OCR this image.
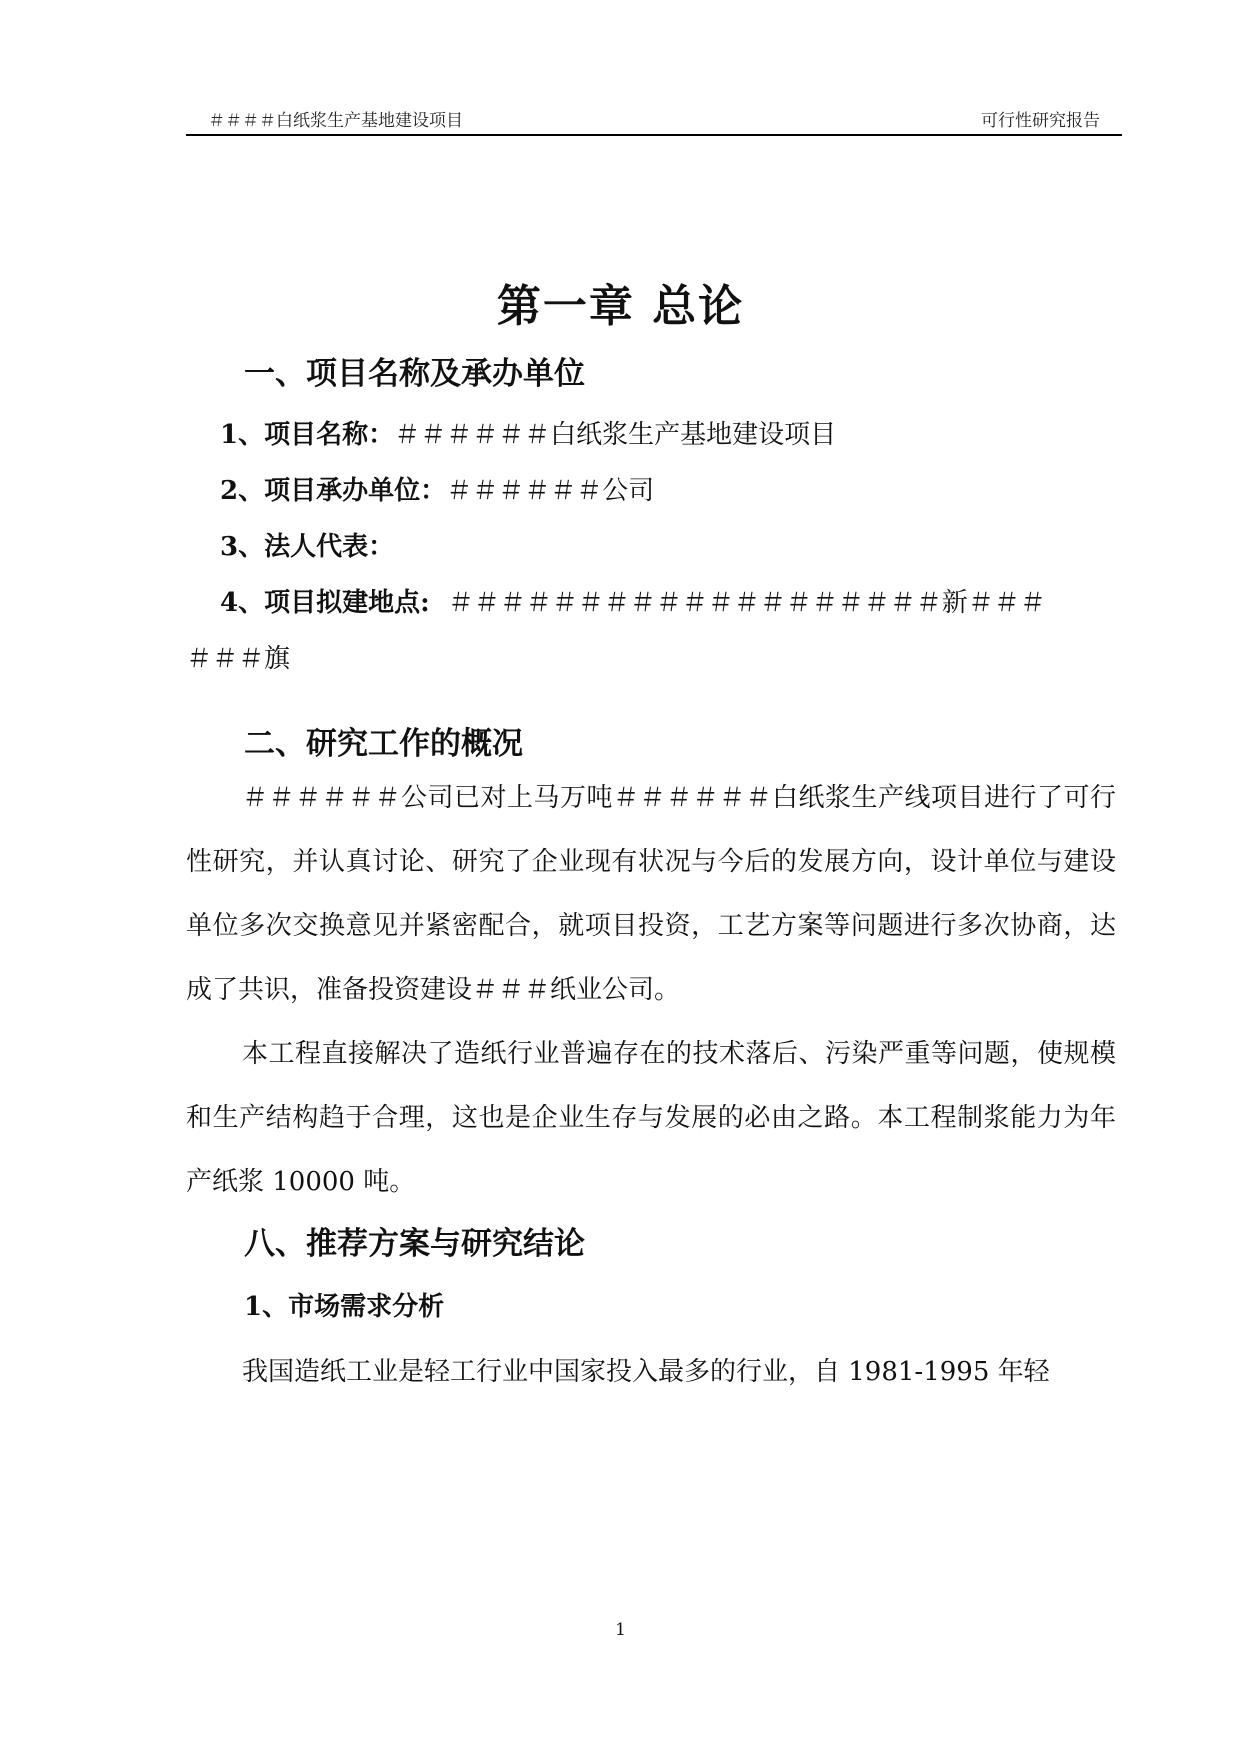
＃＃＃＃白纸浆生产基地建设项目	可行性研究报告
第一章 总论
一、项目名称及承办单位
1、项目名称：＃＃＃＃＃＃白纸浆生产基地建设项目
2、项目承办单位：＃＃＃＃＃＃公司
3、法人代表：
4、项目拟建地点: ＃＃＃＃＃＃＃＃＃＃＃＃＃＃＃＃＃＃＃新＃＃＃
＃＃＃旗
二、研究工作的概况
＃＃＃＃＃＃公司已对上马万吨＃＃＃＃＃＃白纸浆生产线项目进行了可行性研究，并认真讨论、研究了企业现有状况与今后的发展方向，设计单位与建设单位多次交换意见并紧密配合，就项目投资，工艺方案等问题进行多次协商，达成了共识，准备投资建设＃＃＃纸业公司。
本工程直接解决了造纸行业普遍存在的技术落后、污染严重等问题，使规模和生产结构趋于合理，这也是企业生存与发展的必由之路。本工程制浆能力为年产纸浆 10000 吨。
八、推荐方案与研究结论
1、市场需求分析
我国造纸工业是轻工行业中国家投入最多的行业，自 1981-1995 年轻
1
